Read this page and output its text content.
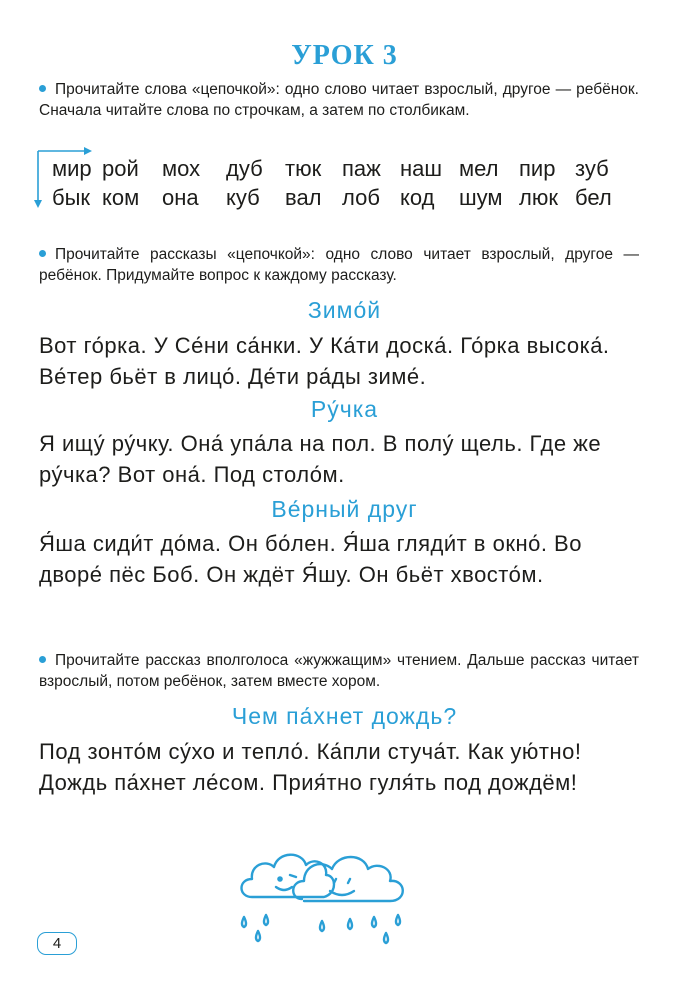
УРОК 3
Прочитайте слова «цепочкой»: одно слово читает взрослый, другое — ребёнок. Сначала читайте слова по строчкам, а затем по столбикам.
мир рой мох дуб тюк паж наш мел пир зуб
бык ком она куб вал лоб код шум люк бел
Прочитайте рассказы «цепочкой»: одно слово читает взрослый, другое — ребёнок. Придумайте вопрос к каждому рассказу.
Зимо́й
Вот го́рка. У Се́ни са́нки. У Ка́ти доска́. Го́рка высока́. Ве́тер бьёт в лицо́. Де́ти ра́ды зиме́.
Ру́чка
Я ищу́ ру́чку. Она́ упа́ла на пол. В полу́ щель. Где же ру́чка? Вот она́. Под столо́м.
Ве́рный друг
Я́ша сиди́т до́ма. Он бо́лен. Я́ша гляди́т в окно́. Во дворе́ пёс Боб. Он ждёт Я́шу. Он бьёт хвосто́м.
Прочитайте рассказ вполголоса «жужжащим» чтением. Дальше рассказ читает взрослый, потом ребёнок, затем вместе хором.
Чем па́хнет дождь?
Под зонто́м су́хо и тепло́. Ка́пли стуча́т. Как ую́тно! Дождь па́хнет ле́сом. Прия́тно гуля́ть под дождём!
4
